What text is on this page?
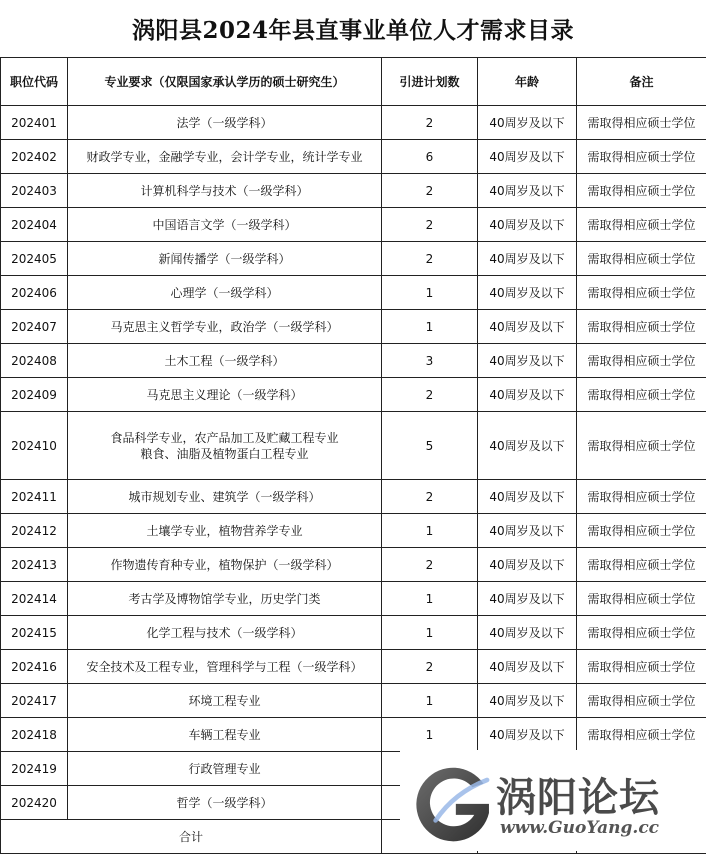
涡阳县2024年县直事业单位人才需求目录
职位代码	专业要求（仅限国家承认学历的硕士研究生）	引进计划数	年龄	备注
202401	法学（一级学科）	2	40周岁及以下	需取得相应硕士学位
202402	财政学专业，金融学专业，会计学专业，统计学专业	6	40周岁及以下	需取得相应硕士学位
202403	计算机科学与技术（一级学科）	2	40周岁及以下	需取得相应硕士学位
202404	中国语言文学（一级学科）	2	40周岁及以下	需取得相应硕士学位
202405	新闻传播学（一级学科）	2	40周岁及以下	需取得相应硕士学位
202406	心理学（一级学科）	1	40周岁及以下	需取得相应硕士学位
202407	马克思主义哲学专业，政治学（一级学科）	1	40周岁及以下	需取得相应硕士学位
202408	土木工程（一级学科）	3	40周岁及以下	需取得相应硕士学位
202409	马克思主义理论（一级学科）	2	40周岁及以下	需取得相应硕士学位
202410	食品科学专业，农产品加工及贮藏工程专业
粮食、油脂及植物蛋白工程专业	5	40周岁及以下	需取得相应硕士学位
202411	城市规划专业、建筑学（一级学科）	2	40周岁及以下	需取得相应硕士学位
202412	土壤学专业，植物营养学专业	1	40周岁及以下	需取得相应硕士学位
202413	作物遗传育种专业，植物保护（一级学科）	2	40周岁及以下	需取得相应硕士学位
202414	考古学及博物馆学专业，历史学门类	1	40周岁及以下	需取得相应硕士学位
202415	化学工程与技术（一级学科）	1	40周岁及以下	需取得相应硕士学位
202416	安全技术及工程专业，管理科学与工程（一级学科）	2	40周岁及以下	需取得相应硕士学位
202417	环境工程专业	1	40周岁及以下	需取得相应硕士学位
202418	车辆工程专业	1	40周岁及以下	需取得相应硕士学位
202419	行政管理专业			
202420	哲学（一级学科）			
合计				
涡阳论坛
www.GuoYang.cc
